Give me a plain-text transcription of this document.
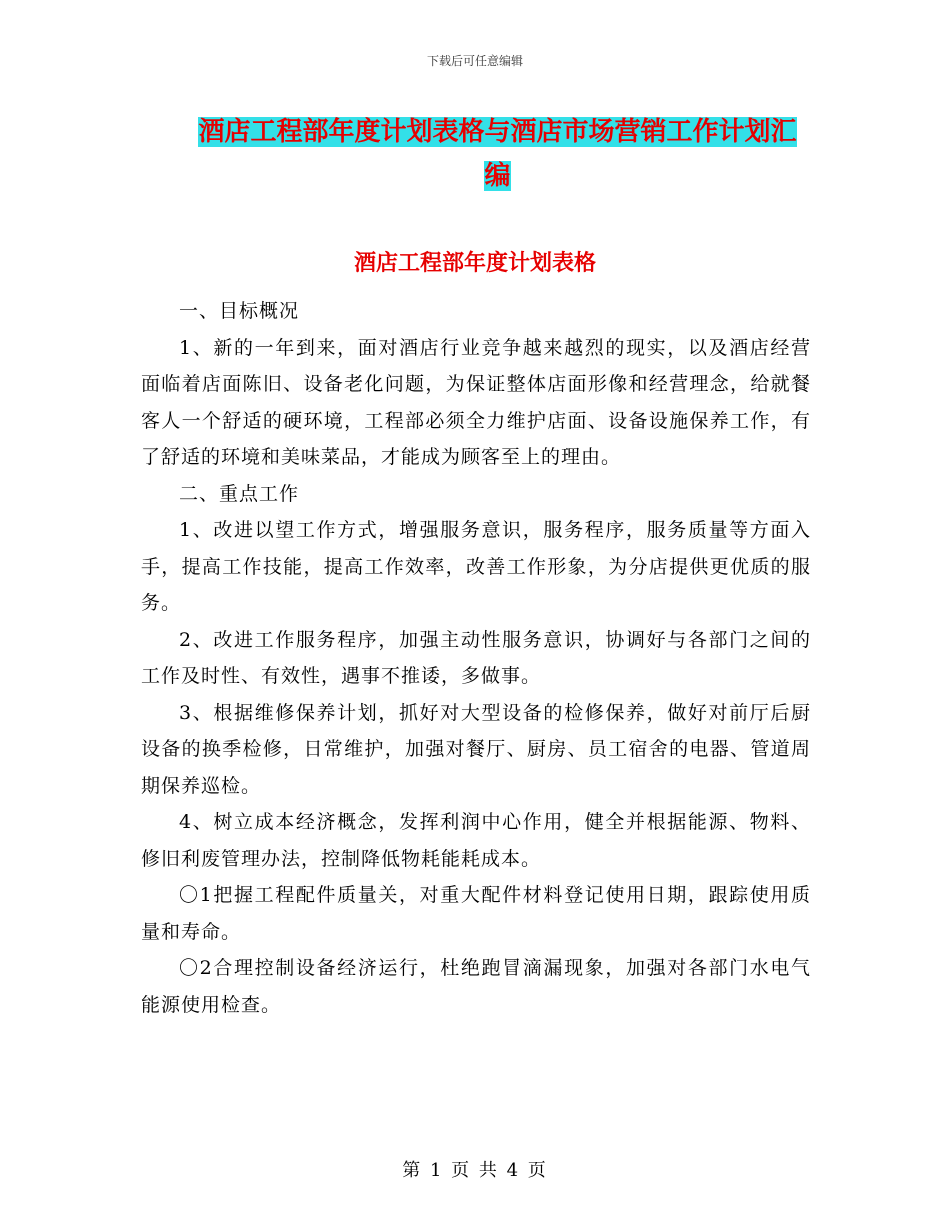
下载后可任意编辑
酒店工程部年度计划表格与酒店市场营销工作计划汇
编
酒店工程部年度计划表格

一、目标概况

1、新的一年到来，面对酒店行业竞争越来越烈的现实，以及酒店经营面临着店面陈旧、设备老化问题，为保证整体店面形像和经营理念，给就餐客人一个舒适的硬环境，工程部必须全力维护店面、设备设施保养工作，有了舒适的环境和美味菜品，才能成为顾客至上的理由。

二、重点工作

1、改进以望工作方式，增强服务意识，服务程序，服务质量等方面入手，提高工作技能，提高工作效率，改善工作形象，为分店提供更优质的服务。

2、改进工作服务程序，加强主动性服务意识，协调好与各部门之间的工作及时性、有效性，遇事不推诿，多做事。

3、根据维修保养计划，抓好对大型设备的检修保养，做好对前厅后厨设备的换季检修，日常维护，加强对餐厅、厨房、员工宿舍的电器、管道周期保养巡检。

4、树立成本经济概念，发挥利润中心作用，健全并根据能源、物料、修旧利废管理办法，控制降低物耗能耗成本。

〇1把握工程配件质量关，对重大配件材料登记使用日期，跟踪使用质量和寿命。

〇2合理控制设备经济运行，杜绝跑冒滴漏现象，加强对各部门水电气能源使用检查。

第 1 页 共 4 页
